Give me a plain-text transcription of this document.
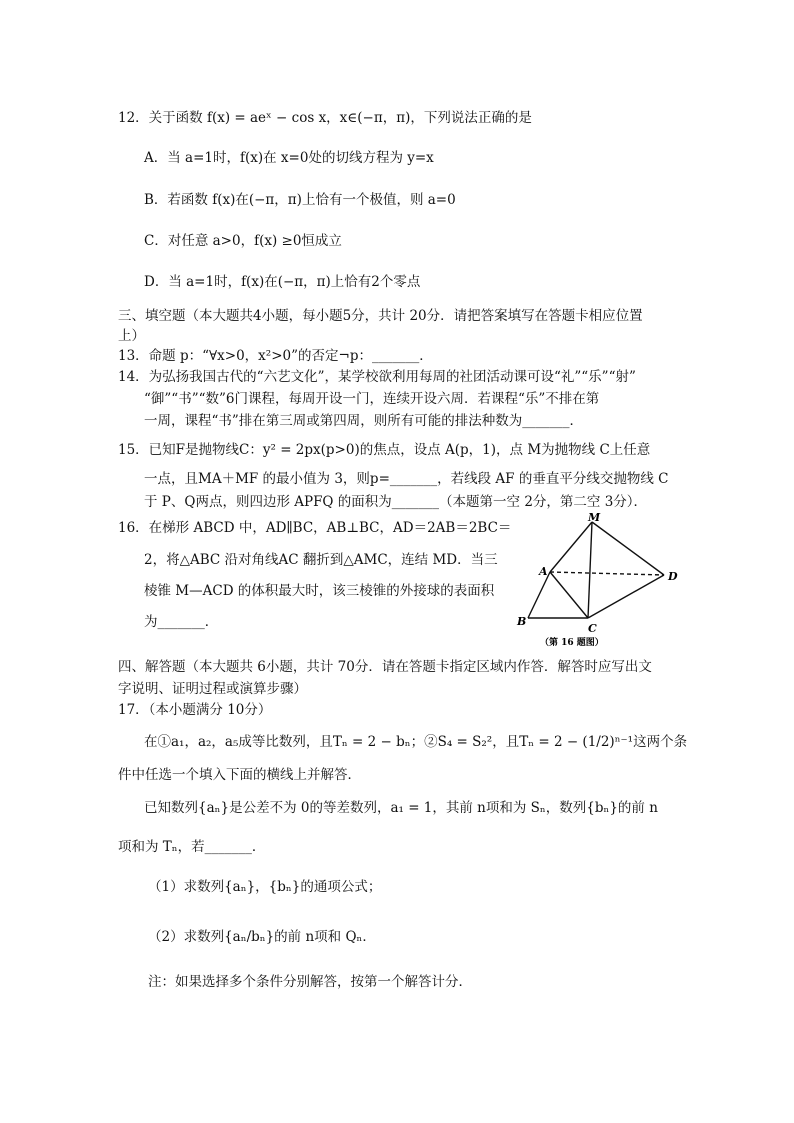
12．关于函数 f(x) = aeˣ − cos x，x∈(−π，π)，下列说法正确的是
A．当 a=1时，f(x)在 x=0处的切线方程为 y=x
B．若函数 f(x)在(−π，π)上恰有一个极值，则 a=0
C．对任意 a>0，f(x) ≥0恒成立
D．当 a=1时，f(x)在(−π，π)上恰有2个零点
三、填空题（本大题共4小题，每小题5分，共计 20分．请把答案填写在答题卡相应位置
上）
13．命题 p：“∀x>0，x²>0”的否定¬p：_______．
14．为弘扬我国古代的“六艺文化”，某学校欲利用每周的社团活动课可设“礼”“乐”“射”
“御”“书”“数”6门课程，每周开设一门，连续开设六周．若课程“乐”不排在第
一周，课程“书”排在第三周或第四周，则所有可能的排法种数为_______．
15．已知F是抛物线C：y² = 2px(p>0)的焦点，设点 A(p，1)，点 M为抛物线 C上任意
一点，且MA＋MF 的最小值为 3，则p=_______，若线段 AF 的垂直平分线交抛物线 C
于 P、Q两点，则四边形 APFQ 的面积为_______（本题第一空 2分，第二空 3分）．
16．在梯形 ABCD 中，AD∥BC，AB⊥BC，AD＝2AB＝2BC＝
2，将△ABC 沿对角线AC 翻折到△AMC，连结 MD．当三
棱锥 M—ACD 的体积最大时，该三棱锥的外接球的表面积
为_______．
M
A	D
B
C
（第 16 题图）
四、解答题（本大题共 6小题，共计 70分．请在答题卡指定区域内作答．解答时应写出文
字说明、证明过程或演算步骤）
17．（本小题满分 10分）
在①a₁，a₂，a₅成等比数列，且Tₙ = 2 − bₙ；②S₄ = S₂²，且Tₙ = 2 − (1/2)ⁿ⁻¹这两个条
件中任选一个填入下面的横线上并解答．
已知数列{aₙ}是公差不为 0的等差数列，a₁ = 1，其前 n项和为 Sₙ，数列{bₙ}的前 n
项和为 Tₙ，若_______．
（1）求数列{aₙ}，{bₙ}的通项公式；
（2）求数列{aₙ/bₙ}的前 n项和 Qₙ．
注：如果选择多个条件分别解答，按第一个解答计分．
